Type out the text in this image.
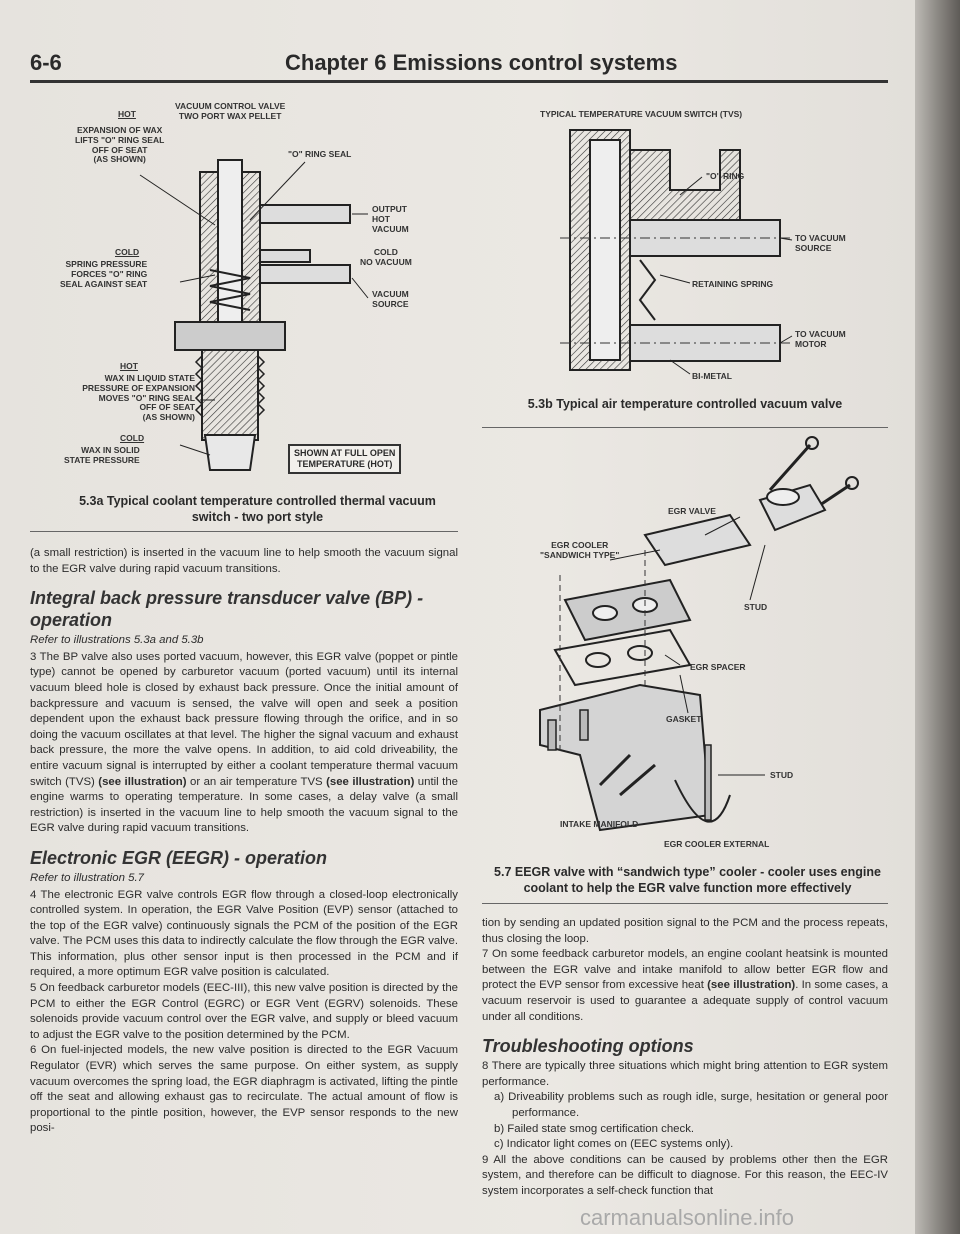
6-6	Chapter 6 Emissions control systems
VACUUM CONTROL VALVE
TWO PORT WAX PELLET
HOT
EXPANSION OF WAX
LIFTS "O" RING SEAL
OFF OF SEAT
(AS SHOWN)
"O" RING SEAL
OUTPUT
HOT
VACUUM
COLD
SPRING PRESSURE
FORCES "O" RING
SEAL AGAINST SEAT
COLD
NO VACUUM
VACUUM
SOURCE
HOT
WAX IN LIQUID STATE
PRESSURE OF EXPANSION
MOVES "O" RING SEAL
OFF OF SEAT
(AS SHOWN)
COLD
WAX IN SOLID
STATE PRESSURE
SHOWN AT FULL OPEN
TEMPERATURE (HOT)
5.3a Typical coolant temperature controlled thermal vacuum switch - two port style
TYPICAL TEMPERATURE VACUUM SWITCH (TVS)
"O" RING
TO VACUUM
SOURCE
RETAINING SPRING
TO VACUUM
MOTOR
BI-METAL
5.3b Typical air temperature controlled vacuum valve
EGR VALVE
EGR COOLER
"SANDWICH TYPE"
STUD
EGR SPACER
GASKET
STUD
INTAKE MANIFOLD
EGR COOLER EXTERNAL
5.7 EEGR valve with “sandwich type” cooler - cooler uses engine coolant to help the EGR valve function more effectively

(a small restriction) is inserted in the vacuum line to help smooth the vacuum signal to the EGR valve during rapid vacuum transitions.

Integral back pressure transducer valve (BP) - operation

Refer to illustrations 5.3a and 5.3b

3 The BP valve also uses ported vacuum, however, this EGR valve (poppet or pintle type) cannot be opened by carburetor vacuum (ported vacuum) until its internal vacuum bleed hole is closed by exhaust back pressure. Once the initial amount of backpressure and vacuum is sensed, the valve will open and seek a position dependent upon the exhaust back pressure flowing through the orifice, and in so doing the vacuum oscillates at that level. The higher the signal vacuum and exhaust back pressure, the more the valve opens. In addition, to aid cold driveability, the entire vacuum signal is interrupted by either a coolant temperature thermal vacuum switch (TVS) (see illustration) or an air temperature TVS (see illustration) until the engine warms to operating temperature. In some cases, a delay valve (a small restriction) is inserted in the vacuum line to help smooth the vacuum signal to the EGR valve during rapid vacuum transitions.

Electronic EGR (EEGR) - operation

Refer to illustration 5.7

4 The electronic EGR valve controls EGR flow through a closed-loop electronically controlled system. In operation, the EGR Valve Position (EVP) sensor (attached to the top of the EGR valve) continuously signals the PCM of the position of the EGR valve. The PCM uses this data to indirectly calculate the flow through the EGR valve. This information, plus other sensor input is then processed in the PCM and if required, a more optimum EGR valve position is calculated.

5 On feedback carburetor models (EEC-III), this new valve position is directed by the PCM to either the EGR Control (EGRC) or EGR Vent (EGRV) solenoids. These solenoids provide vacuum control over the EGR valve, and supply or bleed vacuum to adjust the EGR valve to the position determined by the PCM.

6 On fuel-injected models, the new valve position is directed to the EGR Vacuum Regulator (EVR) which serves the same purpose. On either system, as supply vacuum overcomes the spring load, the EGR diaphragm is activated, lifting the pintle off the seat and allowing exhaust gas to recirculate. The actual amount of flow is proportional to the pintle position, however, the EVP sensor responds to the new posi-

tion by sending an updated position signal to the PCM and the process repeats, thus closing the loop.

7 On some feedback carburetor models, an engine coolant heatsink is mounted between the EGR valve and intake manifold to allow better EGR flow and protect the EVP sensor from excessive heat (see illustration). In some cases, a vacuum reservoir is used to guarantee a adequate supply of control vacuum under all conditions.

Troubleshooting options

8 There are typically three situations which might bring attention to EGR system performance.

a) Driveability problems such as rough idle, surge, hesitation or general poor performance.

b) Failed state smog certification check.

c) Indicator light comes on (EEC systems only).

9 All the above conditions can be caused by problems other then the EGR system, and therefore can be difficult to diagnose. For this reason, the EEC-IV system incorporates a self-check function that

carmanualsonline.info
